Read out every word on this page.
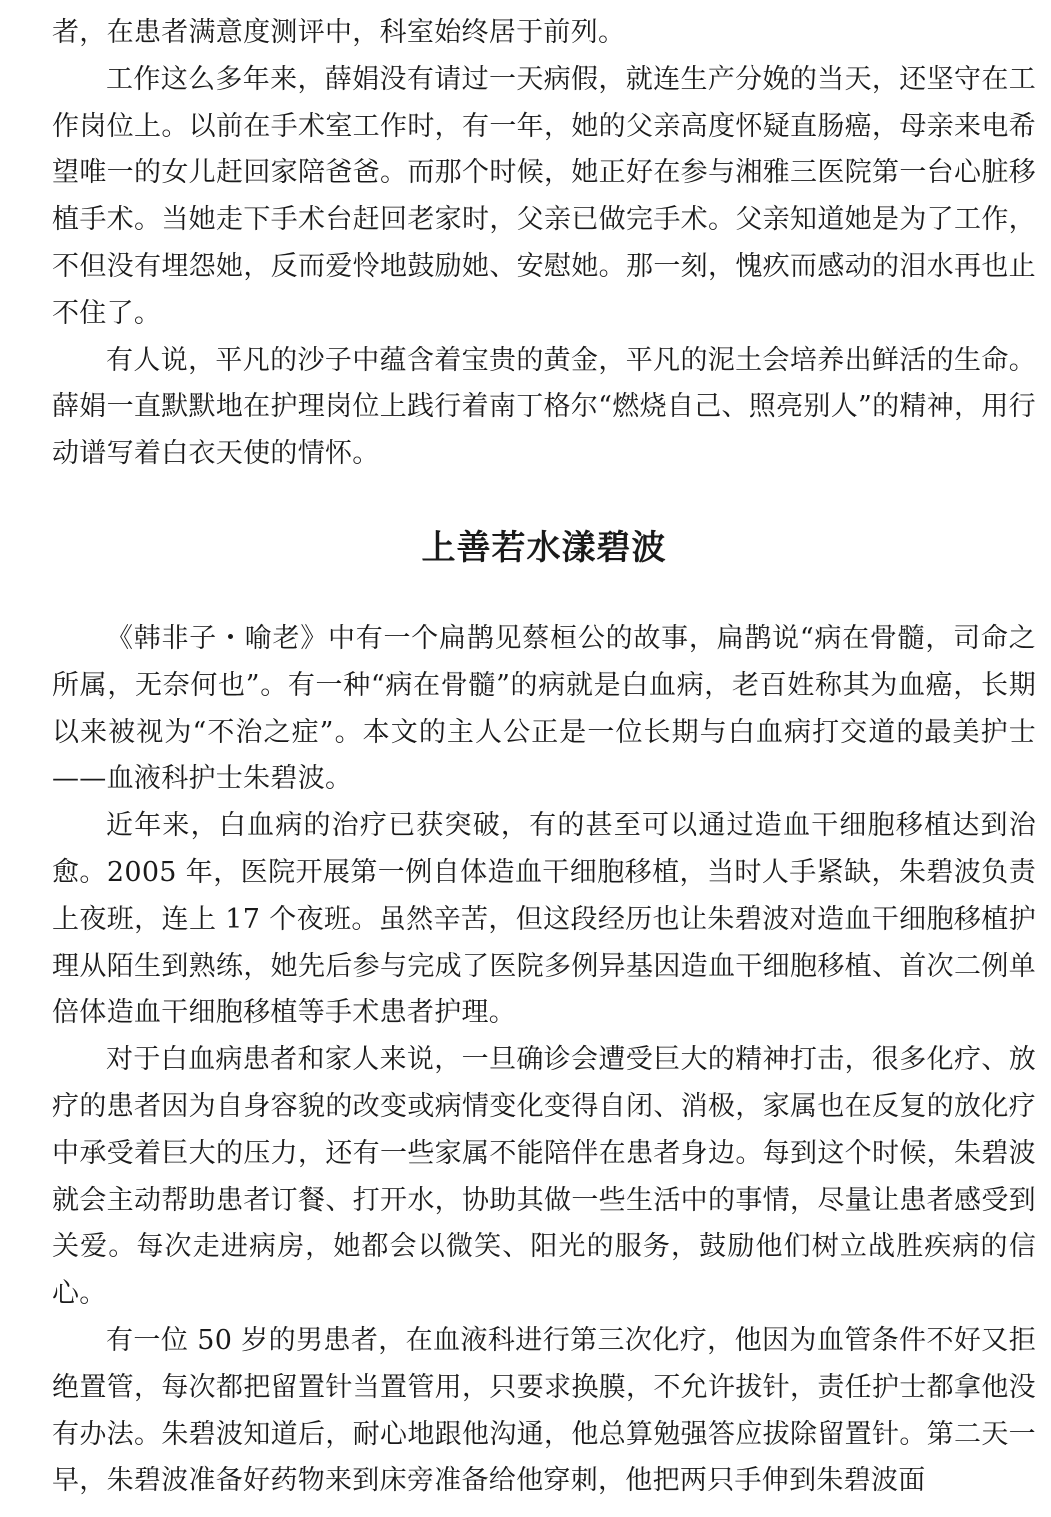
者，在患者满意度测评中，科室始终居于前列。

工作这么多年来，薛娟没有请过一天病假，就连生产分娩的当天，还坚守在工作岗位上。以前在手术室工作时，有一年，她的父亲高度怀疑直肠癌，母亲来电希望唯一的女儿赶回家陪爸爸。而那个时候，她正好在参与湘雅三医院第一台心脏移植手术。当她走下手术台赶回老家时，父亲已做完手术。父亲知道她是为了工作，不但没有埋怨她，反而爱怜地鼓励她、安慰她。那一刻，愧疚而感动的泪水再也止不住了。

有人说，平凡的沙子中蕴含着宝贵的黄金，平凡的泥土会培养出鲜活的生命。薛娟一直默默地在护理岗位上践行着南丁格尔“燃烧自己、照亮别人”的精神，用行动谱写着白衣天使的情怀。

上善若水漾碧波

《韩非子・喻老》中有一个扁鹊见蔡桓公的故事，扁鹊说“病在骨髓，司命之所属，无奈何也”。有一种“病在骨髓”的病就是白血病，老百姓称其为血癌，长期以来被视为“不治之症”。本文的主人公正是一位长期与白血病打交道的最美护士——血液科护士朱碧波。

近年来，白血病的治疗已获突破，有的甚至可以通过造血干细胞移植达到治愈。2005 年，医院开展第一例自体造血干细胞移植，当时人手紧缺，朱碧波负责上夜班，连上 17 个夜班。虽然辛苦，但这段经历也让朱碧波对造血干细胞移植护理从陌生到熟练，她先后参与完成了医院多例异基因造血干细胞移植、首次二例单倍体造血干细胞移植等手术患者护理。

对于白血病患者和家人来说，一旦确诊会遭受巨大的精神打击，很多化疗、放疗的患者因为自身容貌的改变或病情变化变得自闭、消极，家属也在反复的放化疗中承受着巨大的压力，还有一些家属不能陪伴在患者身边。每到这个时候，朱碧波就会主动帮助患者订餐、打开水，协助其做一些生活中的事情，尽量让患者感受到关爱。每次走进病房，她都会以微笑、阳光的服务，鼓励他们树立战胜疾病的信心。

有一位 50 岁的男患者，在血液科进行第三次化疗，他因为血管条件不好又拒绝置管，每次都把留置针当置管用，只要求换膜，不允许拔针，责任护士都拿他没有办法。朱碧波知道后，耐心地跟他沟通，他总算勉强答应拔除留置针。第二天一早，朱碧波准备好药物来到床旁准备给他穿刺，他把两只手伸到朱碧波面
